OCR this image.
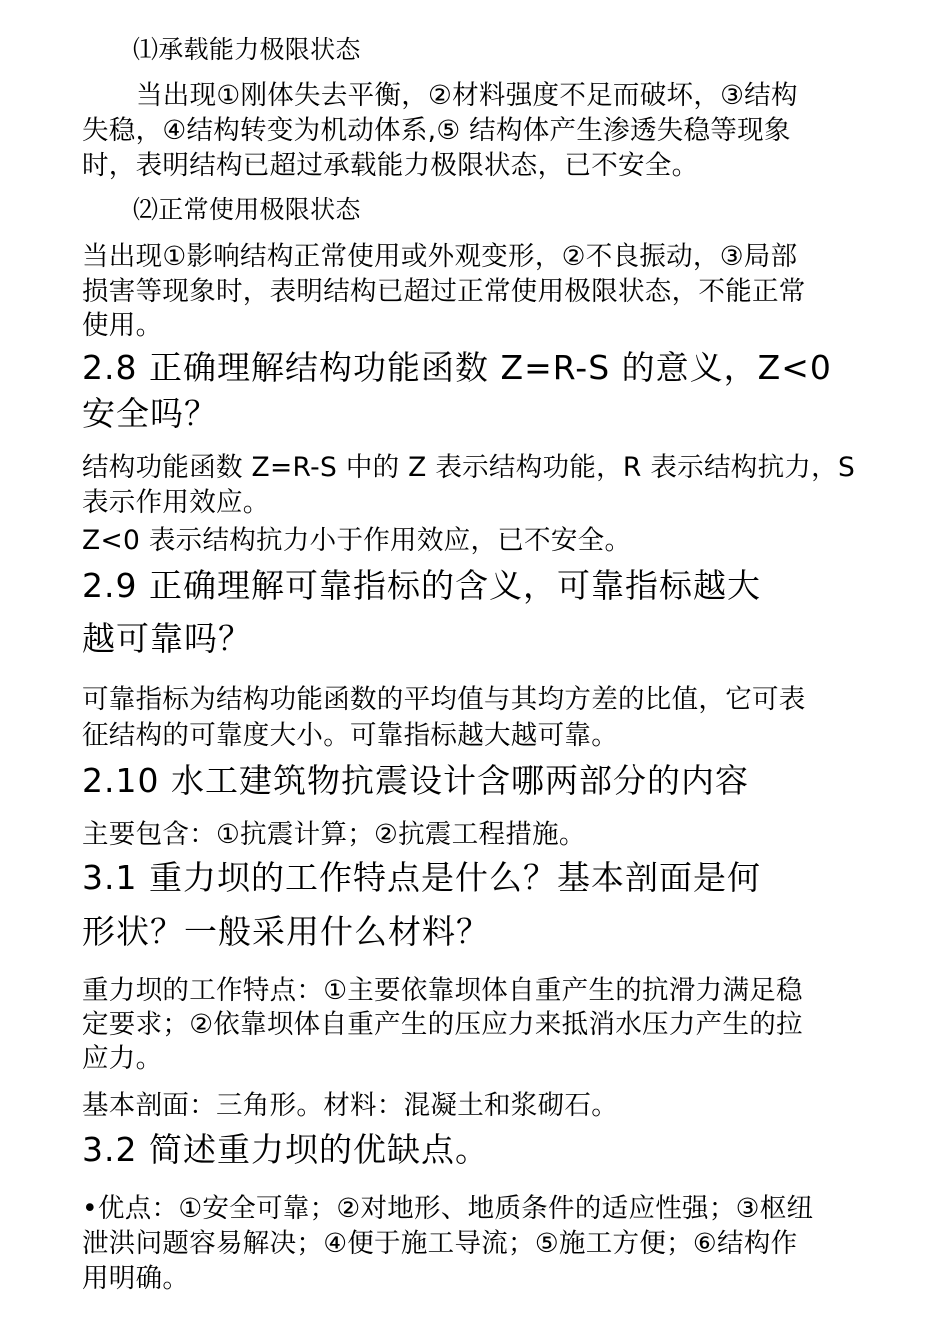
⑴承载能力极限状态

当出现①刚体失去平衡，②材料强度不足而破坏，③结构

失稳，④结构转变为机动体系,⑤ 结构体产生渗透失稳等现象

时，表明结构已超过承载能力极限状态，已不安全。

⑵正常使用极限状态

当出现①影响结构正常使用或外观变形，②不良振动，③局部

损害等现象时，表明结构已超过正常使用极限状态，不能正常

使用。

2.8 正确理解结构功能函数 Z=R-S 的意义，Z<0

安全吗？

结构功能函数 Z=R-S 中的 Z 表示结构功能，R 表示结构抗力，S

表示作用效应。

Z<0 表示结构抗力小于作用效应，已不安全。

2.9 正确理解可靠指标的含义，可靠指标越大

越可靠吗？

可靠指标为结构功能函数的平均值与其均方差的比值，它可表

征结构的可靠度大小。可靠指标越大越可靠。

2.10 水工建筑物抗震设计含哪两部分的内容

主要包含：①抗震计算；②抗震工程措施。

3.1 重力坝的工作特点是什么？基本剖面是何

形状？一般采用什么材料？

重力坝的工作特点：①主要依靠坝体自重产生的抗滑力满足稳

定要求；②依靠坝体自重产生的压应力来抵消水压力产生的拉

应力。

基本剖面：三角形。材料：混凝土和浆砌石。

3.2 简述重力坝的优缺点。

•优点：①安全可靠；②对地形、地质条件的适应性强；③枢纽

泄洪问题容易解决；④便于施工导流；⑤施工方便；⑥结构作

用明确。
